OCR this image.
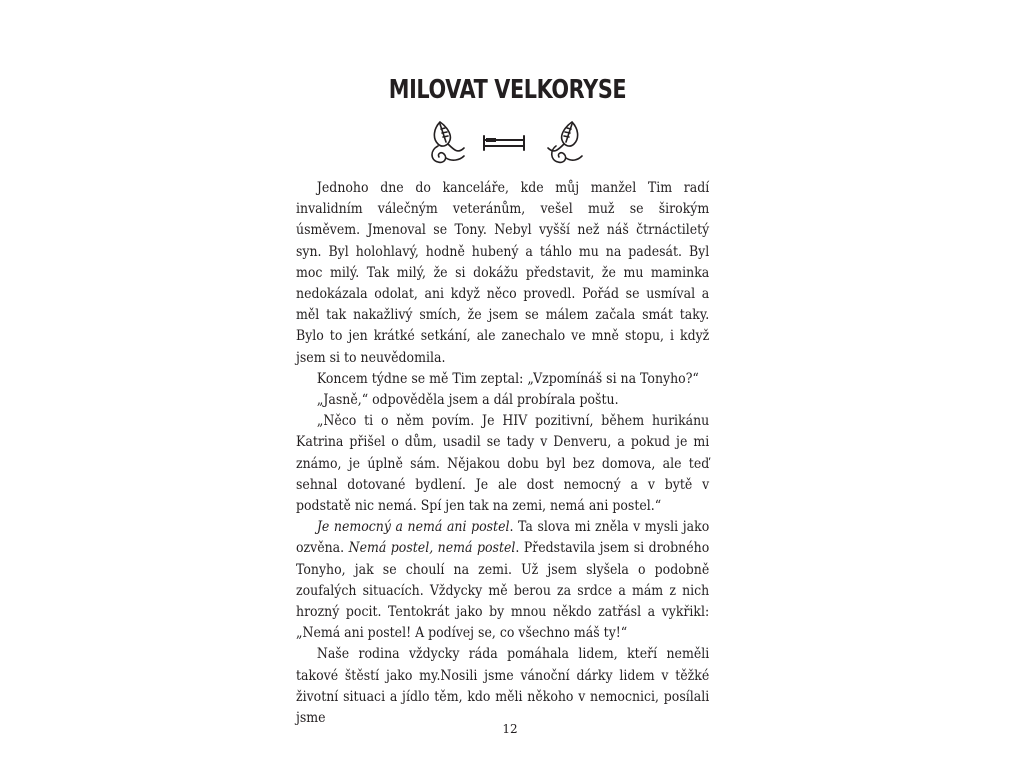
MILOVAT VELKORYSE

Jednoho dne do kanceláře, kde můj manžel Tim radí invalidním válečným veteránům, vešel muž se širokým úsměvem. Jmenoval se Tony. Nebyl vyšší než náš čtrnáctiletý syn. Byl holohlavý, hodně hubený a táhlo mu na padesát. Byl moc milý. Tak milý, že si dokážu představit, že mu maminka nedokázala odolat, ani když něco provedl. Pořád se usmíval a měl tak nakažlivý smích, že jsem se málem začala smát taky. Bylo to jen krátké setkání, ale zanechalo ve mně stopu, i když jsem si to neuvědomila.

Koncem týdne se mě Tim zeptal: „Vzpomínáš si na Tonyho?“

„Jasně,“ odpověděla jsem a dál probírala poštu.

„Něco ti o něm povím. Je HIV pozitivní, během hurikánu Katrina přišel o dům, usadil se tady v Denveru, a pokud je mi známo, je úplně sám. Nějakou dobu byl bez domova, ale teď sehnal dotované bydlení. Je ale dost nemocný a v bytě v podstatě nic nemá. Spí jen tak na zemi, nemá ani postel.“

Je nemocný a nemá ani postel. Ta slova mi zněla v mysli jako ozvěna. Nemá postel, nemá postel. Představila jsem si drobného Tonyho, jak se choulí na zemi. Už jsem slyšela o podobně zoufalých situacích. Vždycky mě berou za srdce a mám z nich hrozný pocit. Tentokrát jako by mnou někdo zatřásl a vykřikl: „Nemá ani postel! A podívej se, co všechno máš ty!“

Naše rodina vždycky ráda pomáhala lidem, kteří neměli takové štěstí jako my.Nosili jsme vánoční dárky lidem v těžké životní situaci a jídlo těm, kdo měli někoho v nemocnici, posílali jsme

12
